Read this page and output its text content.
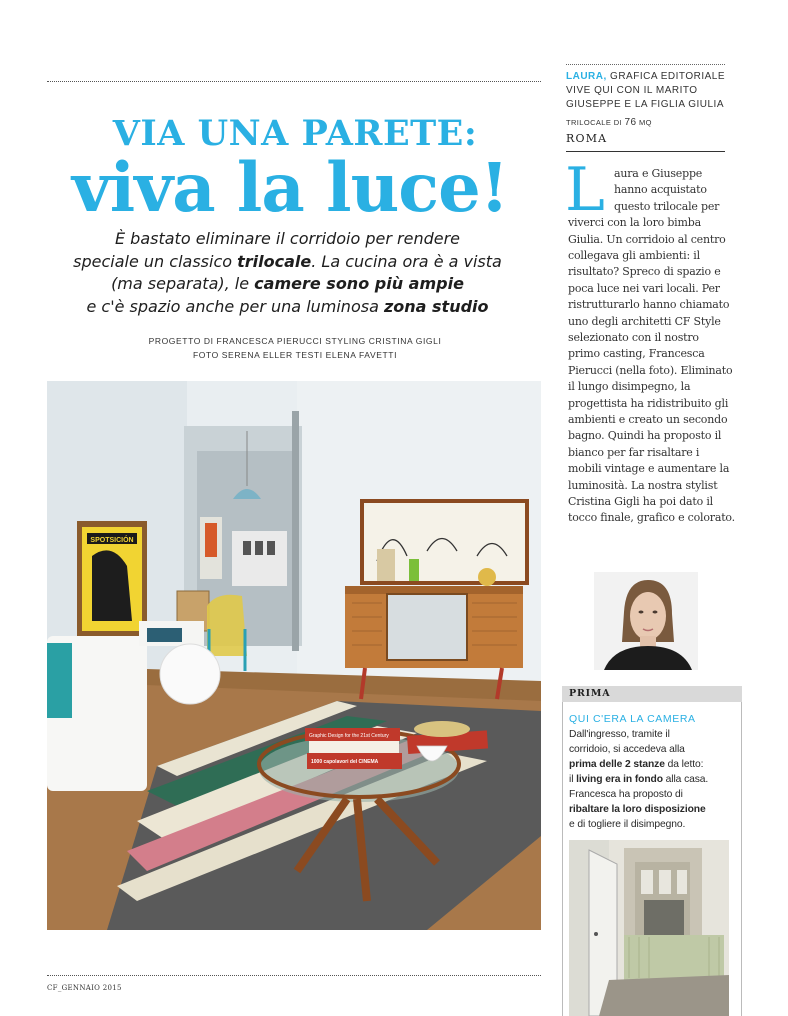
VIA UNA PARETE:
viva la luce!

È bastato eliminare il corridoio per rendere
speciale un classico trilocale. La cucina ora è a vista
(ma separata), le camere sono più ampie
e c'è spazio anche per una luminosa zona studio

PROGETTO DI FRANCESCA PIERUCCI STYLING CRISTINA GIGLI
FOTO SERENA ELLER TESTI ELENA FAVETTI
SPOTSICIÓN
Graphic Design for the 21st Century
1000 capolavori del CINEMA
CF_GENNAIO 2015
LAURA, GRAFICA EDITORIALE
VIVE QUI CON IL MARITO
GIUSEPPE E LA FIGLIA GIULIA
TRILOCALE DI 76 MQ
ROMA
L aura e Giuseppe
hanno acquistato
questo trilocale per
viverci con la loro bimba
Giulia. Un corridoio al centro
collegava gli ambienti: il
risultato? Spreco di spazio e
poca luce nei vari locali. Per
ristrutturarlo hanno chiamato
uno degli architetti CF Style
selezionato con il nostro
primo casting, Francesca
Pierucci (nella foto). Eliminato
il lungo disimpegno, la
progettista ha ridistribuito gli
ambienti e creato un secondo
bagno. Quindi ha proposto il
bianco per far risaltare i
mobili vintage e aumentare la
luminosità. La nostra stylist
Cristina Gigli ha poi dato il
tocco finale, grafico e colorato.
PRIMA
QUI C'ERA LA CAMERA
Dall'ingresso, tramite il
corridoio, si accedeva alla
prima delle 2 stanze da letto:
il living era in fondo alla casa.
Francesca ha proposto di
ribaltare la loro disposizione
e di togliere il disimpegno.
